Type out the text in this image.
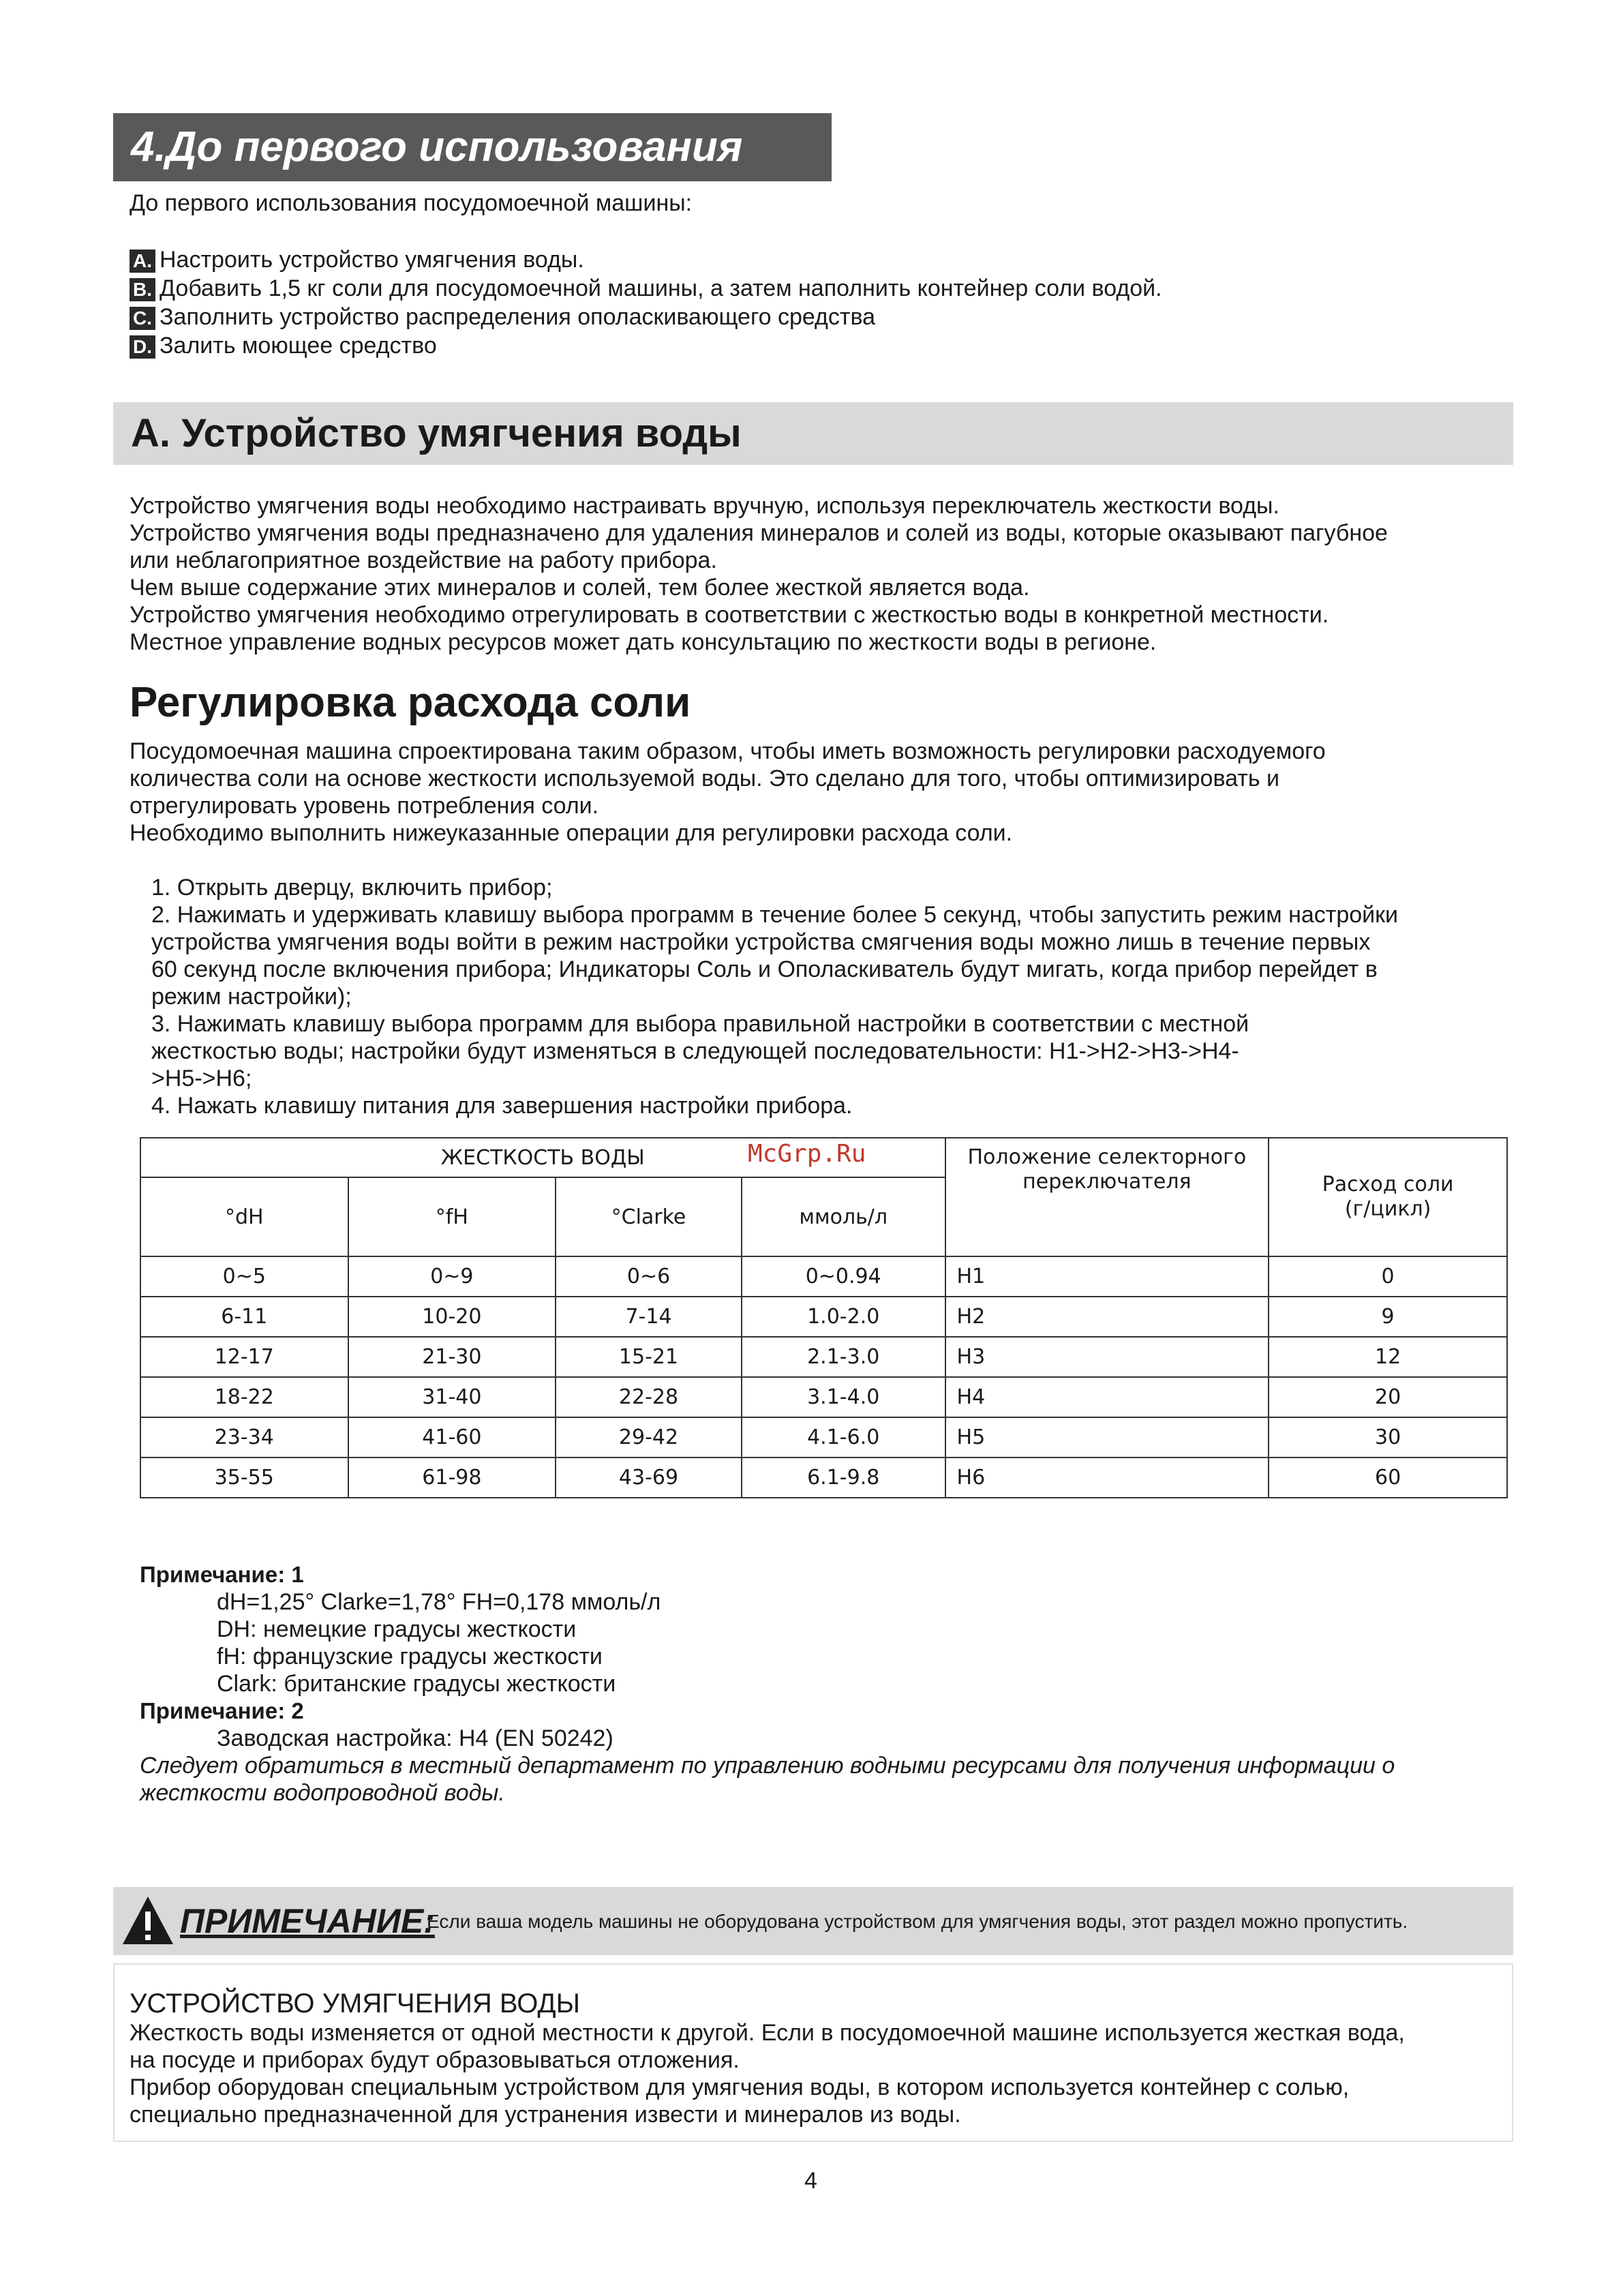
4.До первого использования

До первого использования посудомоечной машины:

A. Настроить устройство умягчения воды.
B. Добавить 1,5 кг соли для посудомоечной машины, а затем наполнить контейнер соли водой.
C. Заполнить устройство распределения ополаскивающего средства
D. Залить моющее средство
A. Устройство умягчения воды

Устройство умягчения воды необходимо настраивать вручную, используя переключатель жесткости воды.

Устройство умягчения воды предназначено для удаления минералов и солей из воды, которые оказывают пагубное

или неблагоприятное воздействие на работу прибора.

Чем выше содержание этих минералов и солей, тем более жесткой является вода.

Устройство умягчения необходимо отрегулировать в соответствии с жесткостью воды в конкретной местности.

Местное управление водных ресурсов может дать консультацию по жесткости воды в регионе.

Регулировка расхода соли

Посудомоечная машина спроектирована таким образом, чтобы иметь возможность регулировки расходуемого

количества соли на основе жесткости используемой воды. Это сделано для того, чтобы оптимизировать и

отрегулировать уровень потребления соли.

Необходимо выполнить нижеуказанные операции для регулировки расхода соли.

1. Открыть дверцу, включить прибор;

2. Нажимать и удерживать клавишу выбора программ в течение более 5 секунд, чтобы запустить режим настройки

устройства умягчения воды войти в режим настройки устройства смягчения воды можно лишь в течение первых

60 секунд после включения прибора; Индикаторы Соль и Ополаскиватель будут мигать, когда прибор перейдет в

режим настройки);

3. Нажимать клавишу выбора программ для выбора правильной настройки в соответствии с местной

жесткостью воды; настройки будут изменяться в следующей последовательности: H1->H2->H3->H4-

>H5->H6;

4. Нажать клавишу питания для завершения настройки прибора.

ЖЕСТКОСТЬ ВОДЫ McGrp.Ru				Положение селекторного переключателя	Расход соли (г/цикл)
°dH	°fH	°Clarke	ммоль/л		
0~5	0~9	0~6	0~0.94	H1	0
6-11	10-20	7-14	1.0-2.0	H2	9
12-17	21-30	15-21	2.1-3.0	H3	12
18-22	31-40	22-28	3.1-4.0	H4	20
23-34	41-60	29-42	4.1-6.0	H5	30
35-55	61-98	43-69	6.1-9.8	H6	60
Примечание: 1

dH=1,25° Clarke=1,78° FH=0,178 ммоль/л

DH: немецкие градусы жесткости

fH: французские градусы жесткости

Clark: британские градусы жесткости

Примечание: 2

Заводская настройка: H4 (EN 50242)

Следует обратиться в местный департамент по управлению водными ресурсами для получения информации о

жесткости водопроводной воды.

ПРИМЕЧАНИЕ:
Если ваша модель машины не оборудована устройством для умягчения воды, этот раздел можно пропустить.
УСТРОЙСТВО УМЯГЧЕНИЯ ВОДЫ

Жесткость воды изменяется от одной местности к другой. Если в посудомоечной машине используется жесткая вода,

на посуде и приборах будут образовываться отложения.

Прибор оборудован специальным устройством для умягчения воды, в котором используется контейнер с солью,

специально предназначенной для устранения извести и минералов из воды.

4
